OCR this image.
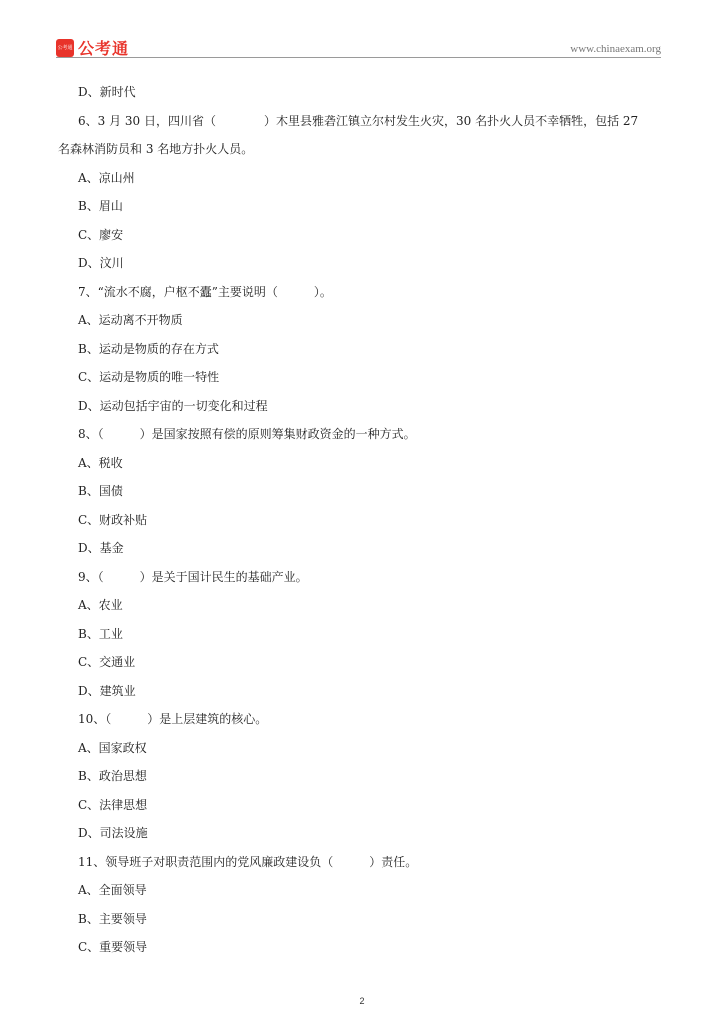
公考通 公考通	www.chinaexam.org
D、新时代
6、3 月 30 日，四川省（　　　　）木里县雅砻江镇立尔村发生火灾，30 名扑火人员不幸牺牲，包括 27
名森林消防员和 3 名地方扑火人员。
A、凉山州
B、眉山
C、廖安
D、汶川
7、“流水不腐，户枢不蠹”主要说明（　　　）。
A、运动离不开物质
B、运动是物质的存在方式
C、运动是物质的唯一特性
D、运动包括宇宙的一切变化和过程
8、（　　　）是国家按照有偿的原则筹集财政资金的一种方式。
A、税收
B、国债
C、财政补贴
D、基金
9、（　　　）是关于国计民生的基础产业。
A、农业
B、工业
C、交通业
D、建筑业
10、（　　　）是上层建筑的核心。
A、国家政权
B、政治思想
C、法律思想
D、司法设施
11、领导班子对职责范围内的党风廉政建设负（　　　）责任。
A、全面领导
B、主要领导
C、重要领导
2
